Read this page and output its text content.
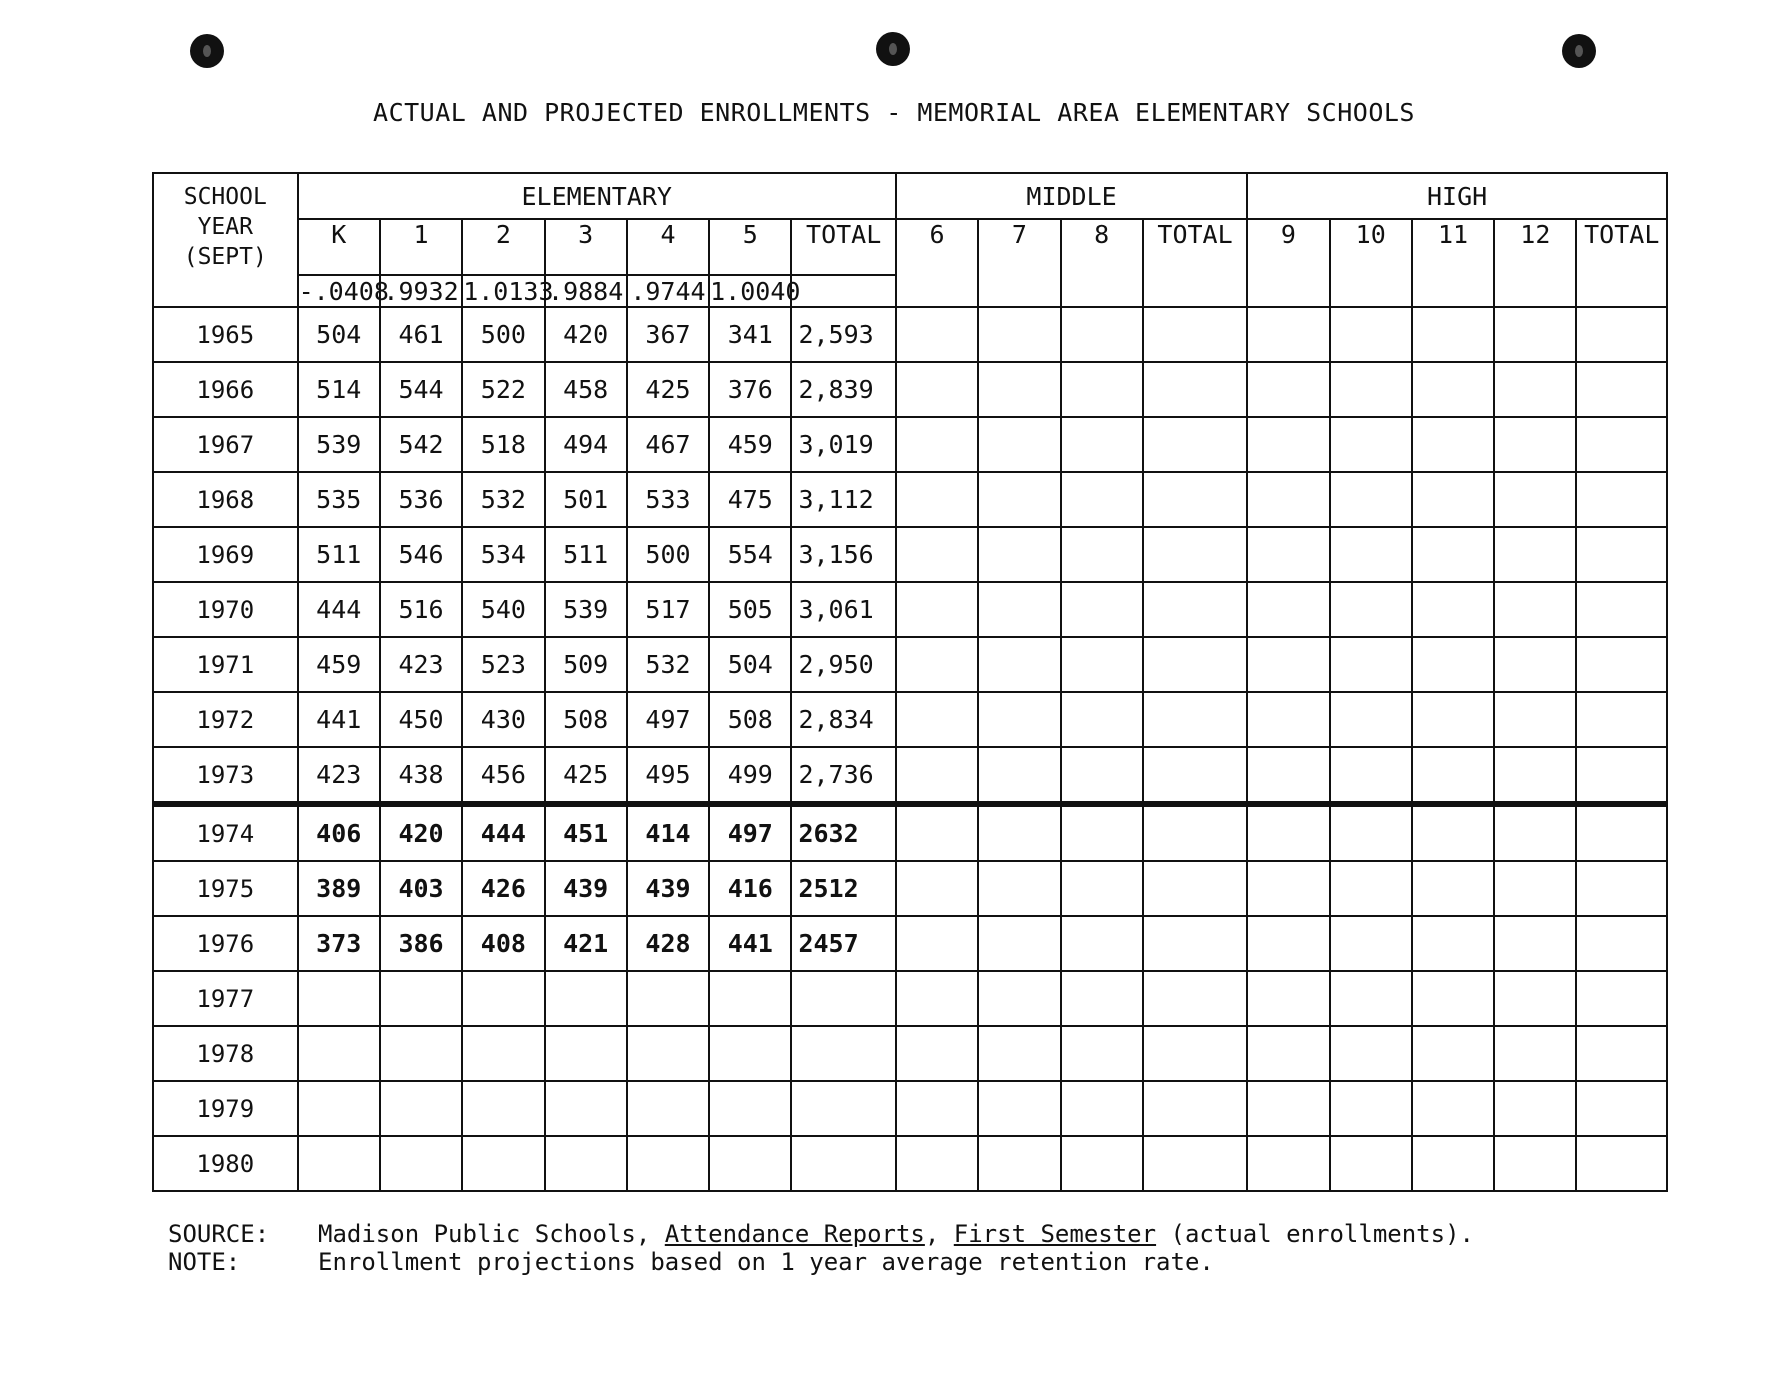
ACTUAL AND PROJECTED ENROLLMENTS - MEMORIAL AREA ELEMENTARY SCHOOLS
SCHOOL YEAR (SEPT)	ELEMENTARY							MIDDLE				HIGH				
	K	1	2	3	4	5	TOTAL	6	7	8	TOTAL	9	10	11	12	TOTAL
	-.0408	.9932	1.0133	.9884	.9744	1.0040										
1965	504	461	500	420	367	341	2,593									
1966	514	544	522	458	425	376	2,839									
1967	539	542	518	494	467	459	3,019									
1968	535	536	532	501	533	475	3,112									
1969	511	546	534	511	500	554	3,156									
1970	444	516	540	539	517	505	3,061									
1971	459	423	523	509	532	504	2,950									
1972	441	450	430	508	497	508	2,834									
1973	423	438	456	425	495	499	2,736									
1974	406	420	444	451	414	497	2632									
1975	389	403	426	439	439	416	2512									
1976	373	386	408	421	428	441	2457									
1977																
1978																
1979																
1980																
SOURCE:	Madison Public Schools, Attendance Reports, First Semester (actual enrollments).
NOTE:	Enrollment projections based on 1 year average retention rate.
